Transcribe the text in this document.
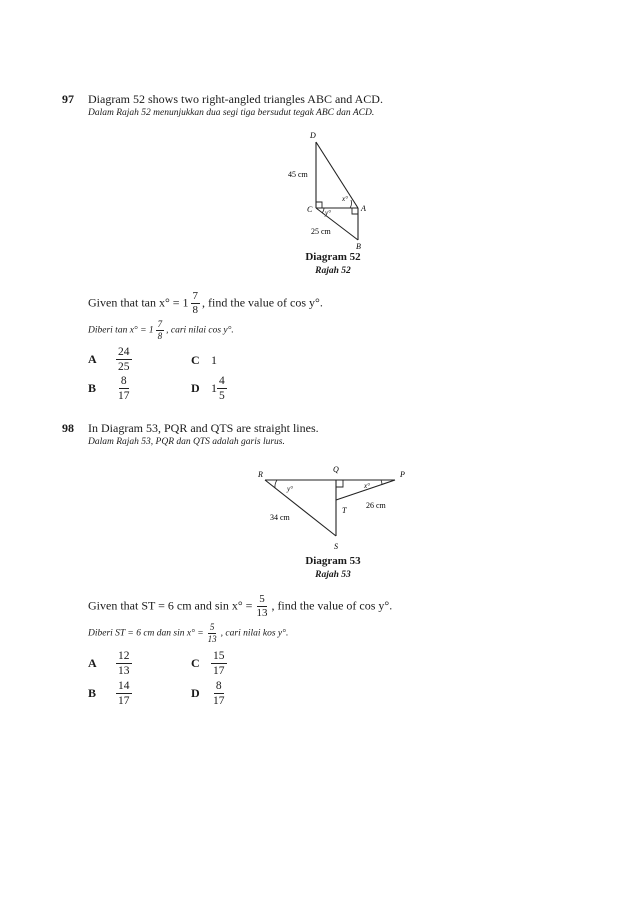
97 Diagram 52 shows two right-angled triangles ABC and ACD.
Dalam Rajah 52 menunjukkan dua segi tiga bersudut tegak ABC dan ACD.
D
45 cm
x°
C	A
y°
25 cm
B
Diagram 52
Rajah 52
Given that $\tan x^\circ = 1 \frac{7}{8}$ , find the value of cos y°.
Diberi $\tan x^\circ = 1 \frac{7}{8}$ , cari nilai cos y°.
A	$\frac{24}{25}$	C 1
B	$\frac{8}{17}$	D $1 \frac{4}{5}$
98 In Diagram 53, PQR and QTS are straight lines.
Dalam Rajah 53, PQR dan QTS adalah garis lurus.
R
Q
P
y°	x°
T
26 cm
34 cm
S
Diagram 53
Rajah 53
Given that ST = 6 cm and $\sin x^\circ = \frac{5}{13}$ , find the value of cos y°.
Diberi ST = 6 cm dan $\sin x^\circ = \frac{5}{13}$ , cari nilai kos y°.
A	$\frac{12}{13}$	C $\frac{15}{17}$
B	$\frac{14}{17}$	D $\frac{8}{17}$
